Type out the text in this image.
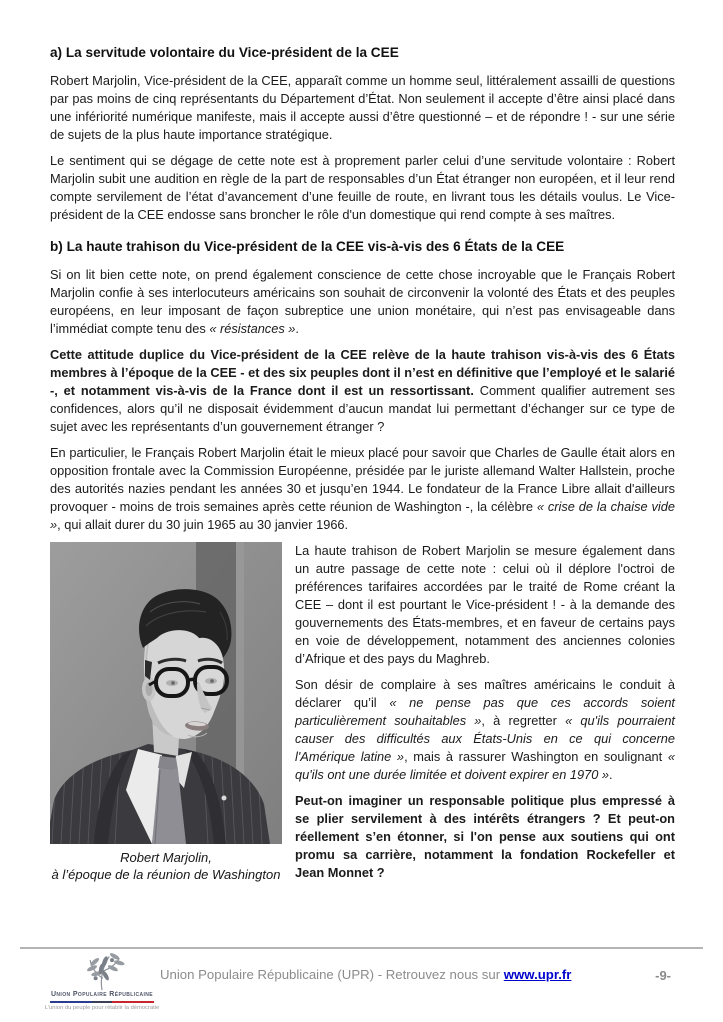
a) La servitude volontaire du Vice-président de la CEE

Robert Marjolin, Vice-président de la CEE, apparaît comme un homme seul, littéralement assailli de questions par pas moins de cinq représentants du Département d’État. Non seulement il accepte d’être ainsi placé dans une infériorité numérique manifeste, mais il accepte aussi d’être questionné – et de répondre ! - sur une série de sujets de la plus haute importance stratégique.

Le sentiment qui se dégage de cette note est à proprement parler celui d’une servitude volontaire : Robert Marjolin subit une audition en règle de la part de responsables d’un État étranger non européen, et il leur rend compte servilement de l’état d’avancement d’une feuille de route, en livrant tous les détails voulus. Le Vice-président de la CEE endosse sans broncher le rôle d'un domestique qui rend compte à ses maîtres.

b) La haute trahison du Vice-président de la CEE vis-à-vis des 6 États de la CEE

Si on lit bien cette note, on prend également conscience de cette chose incroyable que le Français Robert Marjolin confie à ses interlocuteurs américains son souhait de circonvenir la volonté des États et des peuples européens, en leur imposant de façon subreptice une union monétaire, qui n’est pas envisageable dans l’immédiat compte tenu des « résistances ».

Cette attitude duplice du Vice-président de la CEE relève de la haute trahison vis-à-vis des 6 États membres à l’époque de la CEE - et des six peuples dont il n’est en définitive que l’employé et le salarié -, et notamment vis-à-vis de la France dont il est un ressortissant. Comment qualifier autrement ses confidences, alors qu’il ne disposait évidemment d’aucun mandat lui permettant d’échanger sur ce type de sujet avec les représentants d’un gouvernement étranger ?

En particulier, le Français Robert Marjolin était le mieux placé pour savoir que Charles de Gaulle était alors en opposition frontale avec la Commission Européenne, présidée par le juriste allemand Walter Hallstein, proche des autorités nazies pendant les années 30 et jusqu’en 1944. Le fondateur de la France Libre allait d'ailleurs provoquer - moins de trois semaines après cette réunion de Washington -, la célèbre « crise de la chaise vide », qui allait durer du 30 juin 1965 au 30 janvier 1966.

Robert Marjolin,
à l’époque de la réunion de Washington

La haute trahison de Robert Marjolin se mesure également dans un autre passage de cette note : celui où il déplore l'octroi de préférences tarifaires accordées par le traité de Rome créant la CEE – dont il est pourtant le Vice-président ! - à la demande des gouvernements des États-membres, et en faveur de certains pays en voie de développement, notamment des anciennes colonies d’Afrique et des pays du Maghreb.

Son désir de complaire à ses maîtres américains le conduit à déclarer qu’il « ne pense pas que ces accords soient particulièrement souhaitables », à regretter « qu'ils pourraient causer des difficultés aux États-Unis en ce qui concerne l'Amérique latine », mais à rassurer Washington en soulignant « qu'ils ont une durée limitée et doivent expirer en 1970 ».

Peut-on imaginer un responsable politique plus empressé à se plier servilement à des intérêts étrangers ? Et peut-on réellement s’en étonner, si l'on pense aux soutiens qui ont promu sa carrière, notamment la fondation Rockefeller et Jean Monnet ?

Union Populaire Républicaine
L'union du peuple pour rétablir la démocratie
Union Populaire Républicaine (UPR) - Retrouvez nous sur www.upr.fr	-9-
